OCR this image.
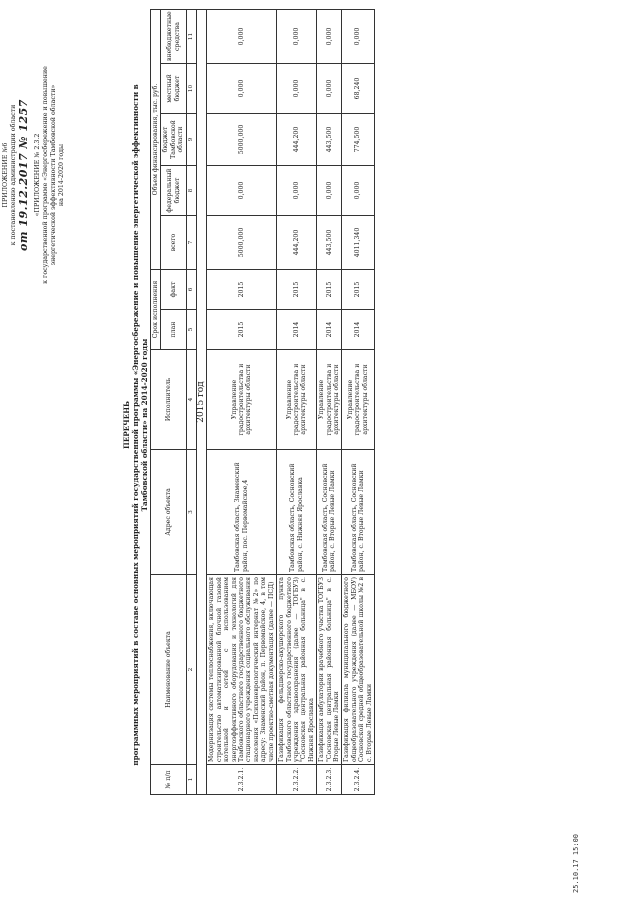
ПРИЛОЖЕНИЕ №6 к постановлению администрации области от 19.12.2017 № 1257 «ПРИЛОЖЕНИЕ № 2.3.2 к государственной программе «Энергосбережение и повышение энергетической эффективности Тамбовской области» на 2014-2020 годы
ПЕРЕЧЕНЬ программных мероприятий в составе основных мероприятий государственной программы «Энергосбережение и повышение энергетической эффективности в Тамбовской области» на 2014-2020 годы
№ п/п	Наименование объекта	Адрес объекта	Исполнитель	Срок исполнения		Объем финансирования, тыс. руб.				
						всего	федеральный бюджет	бюджет Тамбовской области	местный бюджет	внебюджетные средства
				план	факт					
1	2	3	4	5	6	7	8	9	10	11
2015 год										
2.3.2.1.	Модернизация системы теплоснабжения, включающая строительство автоматизированной блочной газовой котельной и сетей с использованием энергоэффективного оборудования и технологий для Тамбовского областного государственного бюджетного стационарного учреждения социального обслуживания населения «Психоневрологический интернат №2» по адресу: Знаменский район, п. Первомайское, 4, в том числе проектно-сметная документация (далее — ПСД)	Тамбовская область, Знаменский район, пос. Первомайское,4	Управление градостроительства и архитектуры области	2015	2015	5000,000	0,000	5000,000	0,000	0,000
2.3.2.2.	Газификация фельдшерско-акушерского пункта Тамбовского областного государственного бюджетного учреждения здравоохранения (далее — ТОГБУЗ) "Сосновская центральная районная больница" в с. Нижняя Ярославка	Тамбовская область, Сосновский район, с. Нижняя Ярославка	Управление градостроительства и архитектуры области	2014	2015	444,200	0,000	444,200	0,000	0,000
2.3.2.3.	Газификация амбулатории врачебного участка ТОГБУЗ "Сосновская центральная районная больница" в с. Вторые Левые Ламки	Тамбовская область, Сосновский район, с. Вторые Левые Ламки	Управление градостроительства и архитектуры области	2014	2015	443,500	0,000	443,500	0,000	0,000
2.3.2.4.	Газификация филиала муниципального бюджетного общеобразовательного учреждения (далее — МБОУ) Сосновской средней общеобразовательной школы №2 в с. Вторые Левые Ламки	Тамбовская область, Сосновский район, с. Вторые Левые Ламки	Управление градостроительства и архитектуры области	2014	2015	4011,340	0,000	774,500	68,240	0,000
25.10.17 15:00
